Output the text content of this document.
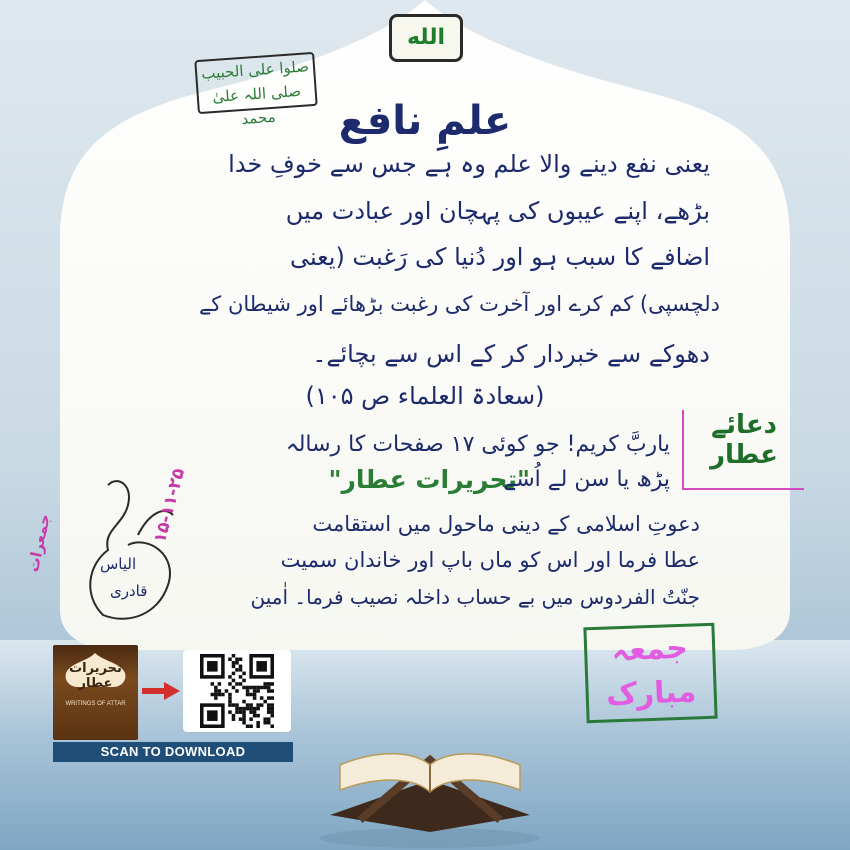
الله
صلوا علی الحبیب
صلی اللہ علیٰ محمد	علمِ نافع
یعنی نفع دینے والا علم وہ ہے جس سے خوفِ خدا
بڑھے، اپنے عیبوں کی پہچان اور عبادت میں
اضافے کا سبب ہو اور دُنیا کی رَغبت (یعنی
دلچسپی) کم کرے اور آخرت کی رغبت بڑھائے اور شیطان کے
دھوکے سے خبردار کر کے اس سے بچائے۔
(سعادۃ العلماء ص ۱۰۵)
یاربَّ کریم! جو کوئی ۱۷ صفحات کا رسالہ
"تحریرات عطار"
پڑھ یا سن لے اُسے
دعوتِ اسلامی کے دینی ماحول میں استقامت
عطا فرما اور اس کو ماں باپ اور خاندان سمیت
جنّتُ الفردوس میں بے حساب داخلہ نصیب فرما۔ اٰمین
دعائے
عطار
الیاس
قادری
۱۵-۱۱-۲۵
جمعرات
جمعہ
مبارک
تحریرات عطار
WRITINGS OF ATTAR
SCAN TO DOWNLOAD
